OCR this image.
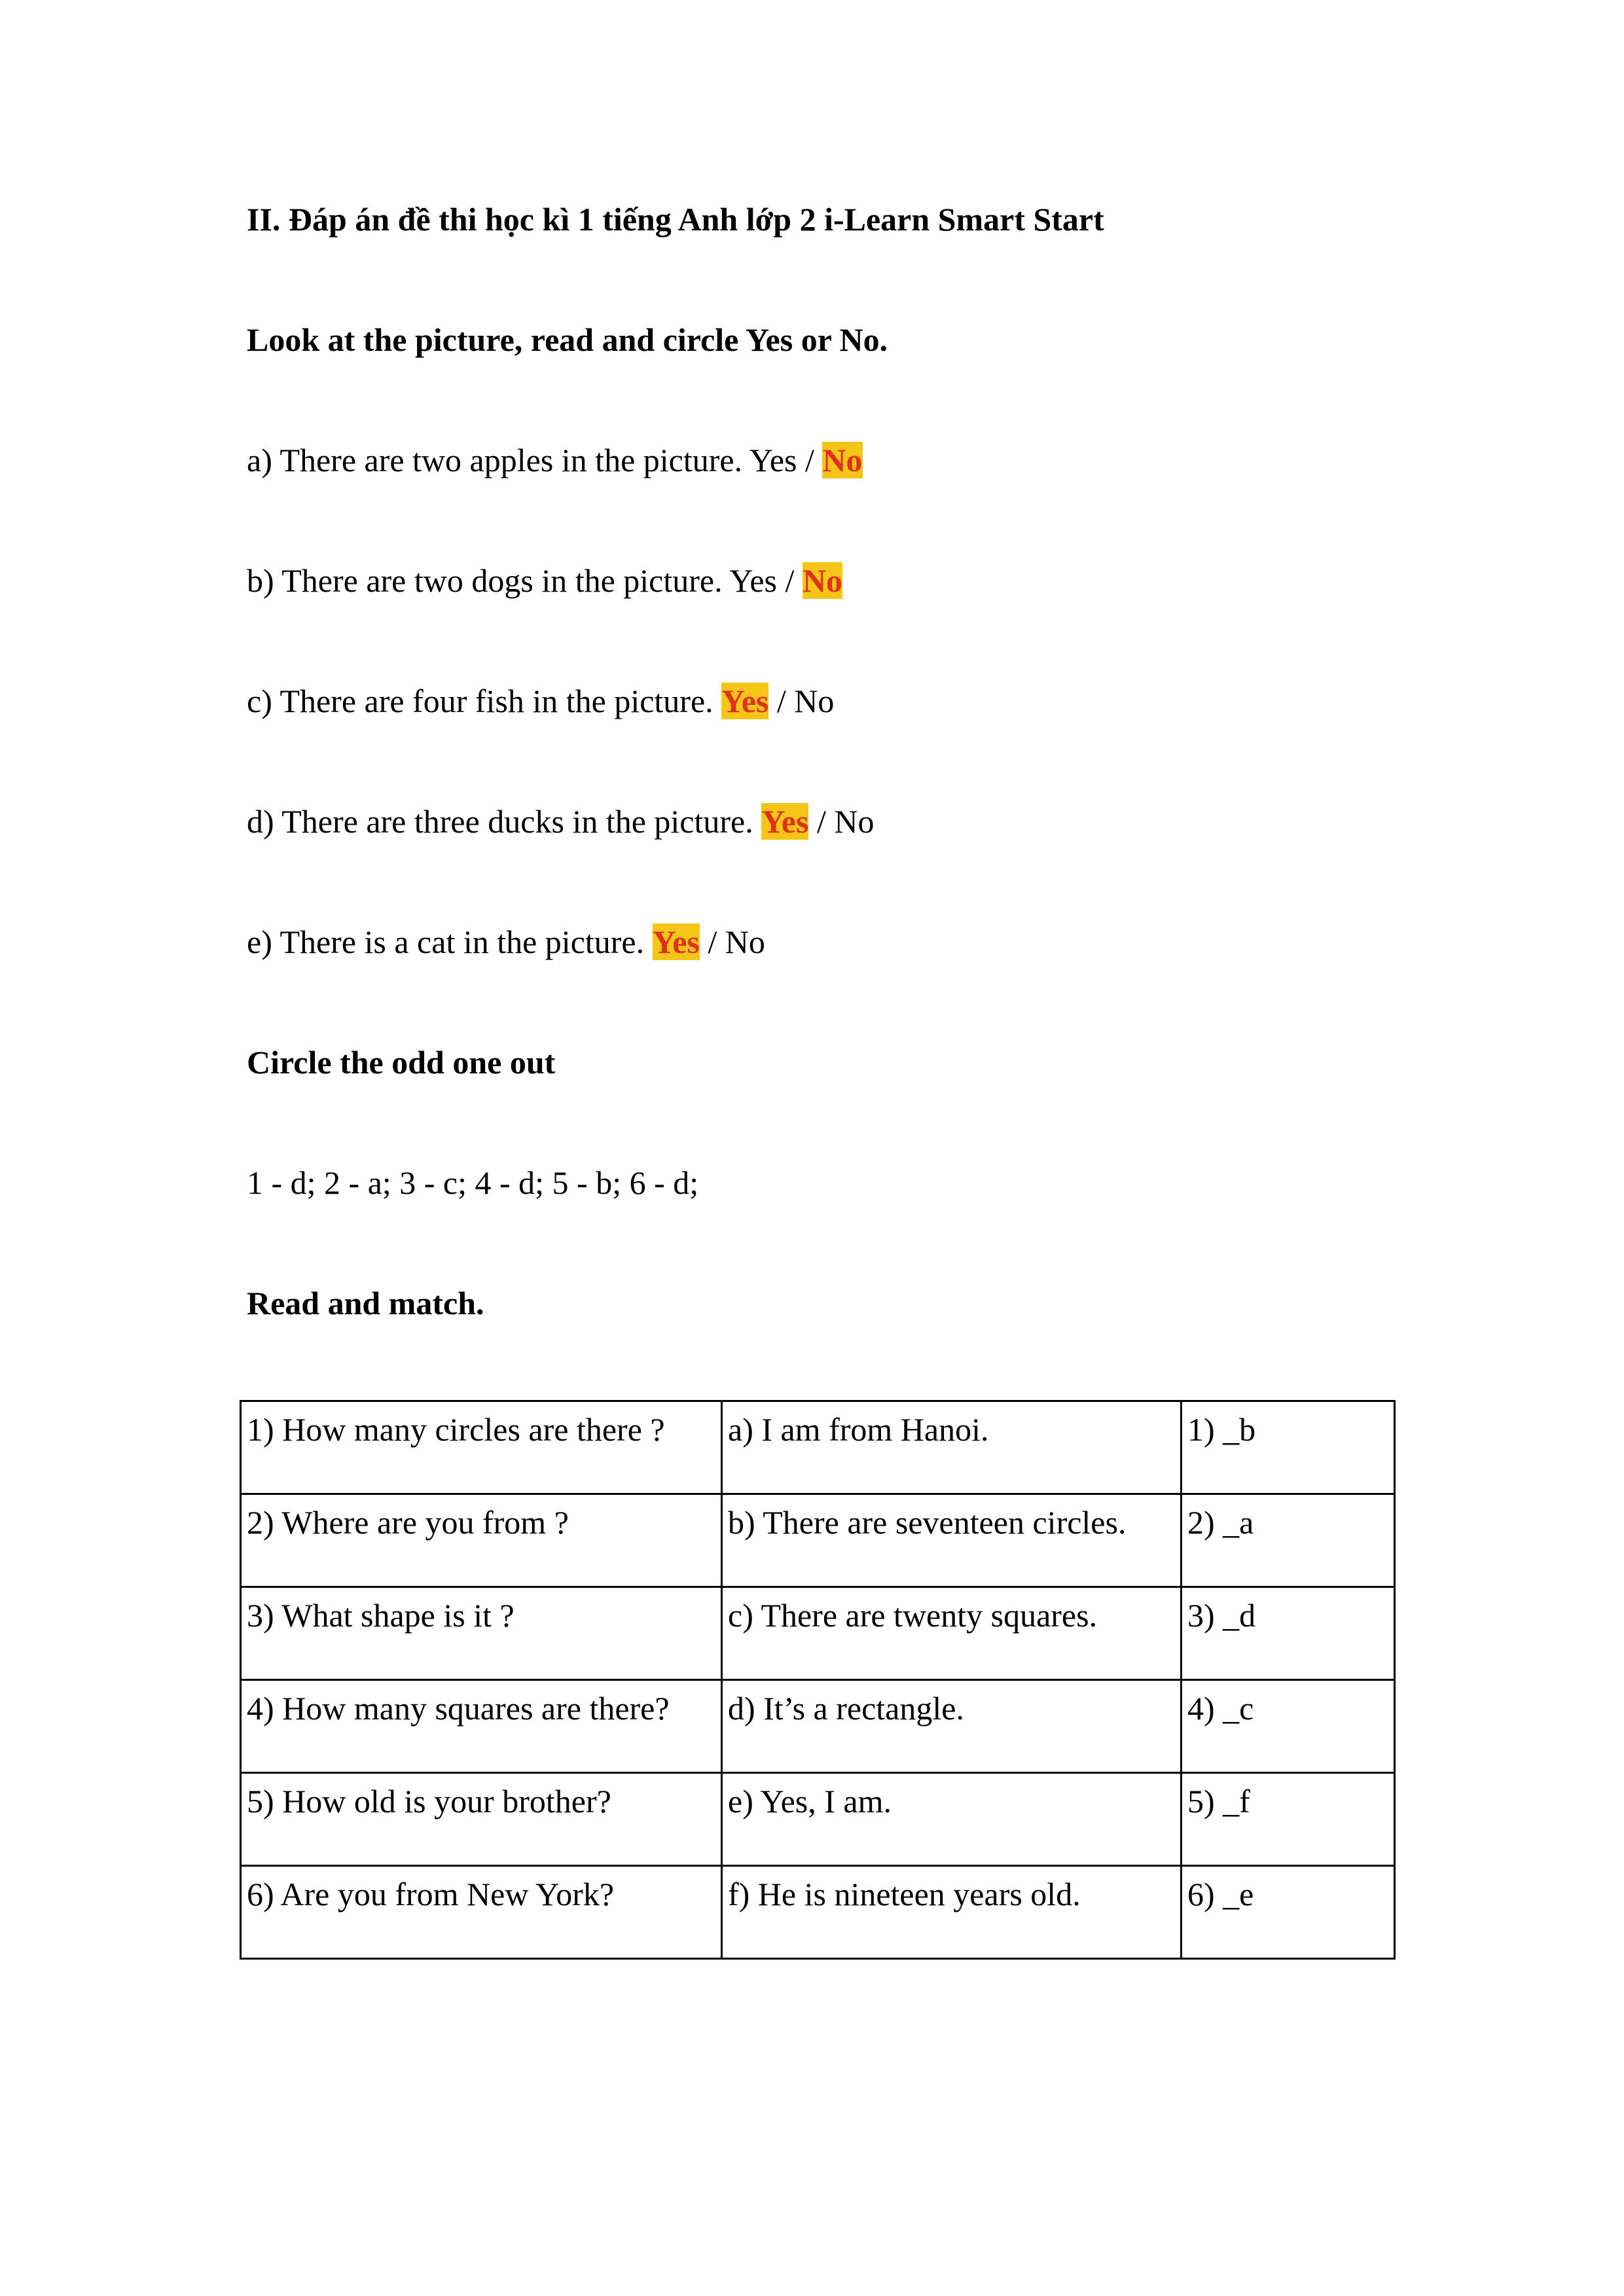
II. Đáp án đề thi học kì 1 tiếng Anh lớp 2 i-Learn Smart Start
Look at the picture, read and circle Yes or No.
a) There are two apples in the picture. Yes / No
b) There are two dogs in the picture. Yes / No
c) There are four fish in the picture. Yes / No
d) There are three ducks in the picture. Yes / No
e) There is a cat in the picture. Yes / No
Circle the odd one out
1 - d; 2 - a; 3 - c; 4 - d; 5 - b; 6 - d;
Read and match.
1) How many circles are there ?	a) I am from Hanoi.	1) _b
2) Where are you from ?	b) There are seventeen circles.	2) _a
3) What shape is it ?	c) There are twenty squares.	3) _d
4) How many squares are there?	d) It’s a rectangle.	4) _c
5) How old is your brother?	e) Yes, I am.	5) _f
6) Are you from New York?	f) He is nineteen years old.	6) _e
